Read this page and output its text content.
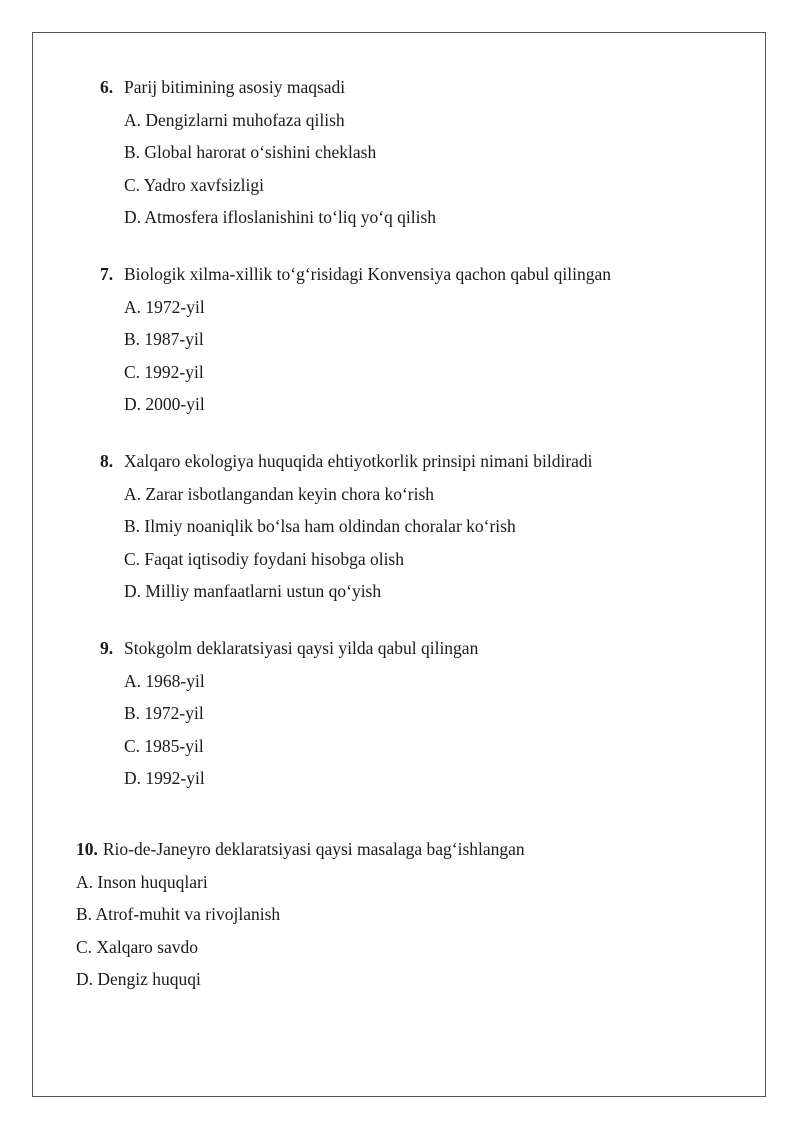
6. Parij bitimining asosiy maqsadi
A. Dengizlarni muhofaza qilish
B. Global harorat o‘sishini cheklash
C. Yadro xavfsizligi
D. Atmosfera ifloslanishini to‘liq yo‘q qilish
7. Biologik xilma-xillik to‘g‘risidagi Konvensiya qachon qabul qilingan
A. 1972-yil
B. 1987-yil
C. 1992-yil
D. 2000-yil
8. Xalqaro ekologiya huquqida ehtiyotkorlik prinsipi nimani bildiradi
A. Zarar isbotlangandan keyin chora ko‘rish
B. Ilmiy noaniqlik bo‘lsa ham oldindan choralar ko‘rish
C. Faqat iqtisodiy foydani hisobga olish
D. Milliy manfaatlarni ustun qo‘yish
9. Stokgolm deklaratsiyasi qaysi yilda qabul qilingan
A. 1968-yil
B. 1972-yil
C. 1985-yil
D. 1992-yil
10. Rio-de-Janeyro deklaratsiyasi qaysi masalaga bag‘ishlangan
A. Inson huquqlari
B. Atrof-muhit va rivojlanish
C. Xalqaro savdo
D. Dengiz huquqi
